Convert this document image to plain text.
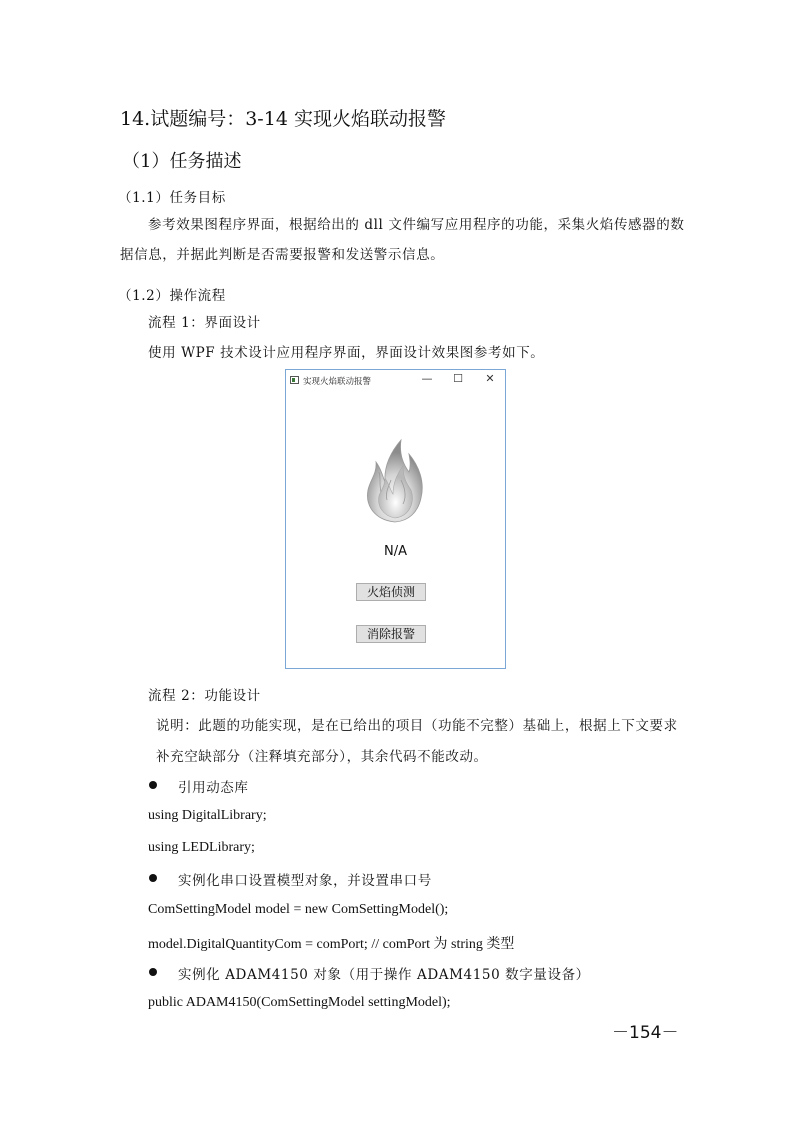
14.试题编号：3-14 实现火焰联动报警
（1）任务描述
（1.1）任务目标
参考效果图程序界面，根据给出的 dll 文件编写应用程序的功能，采集火焰传感器的数
据信息，并据此判断是否需要报警和发送警示信息。
（1.2）操作流程
流程 1：界面设计
使用 WPF 技术设计应用程序界面，界面设计效果图参考如下。
实现火焰联动报警	— ☐ ✕
N/A
火焰侦测
消除报警
流程 2：功能设计
说明：此题的功能实现，是在已给出的项目（功能不完整）基础上，根据上下文要求
补充空缺部分（注释填充部分），其余代码不能改动。
引用动态库
using DigitalLibrary;
using LEDLibrary;
实例化串口设置模型对象，并设置串口号
ComSettingModel model = new ComSettingModel();
model.DigitalQuantityCom = comPort; // comPort 为 string 类型
实例化 ADAM4150 对象（用于操作 ADAM4150 数字量设备）
public ADAM4150(ComSettingModel settingModel);
－154－
